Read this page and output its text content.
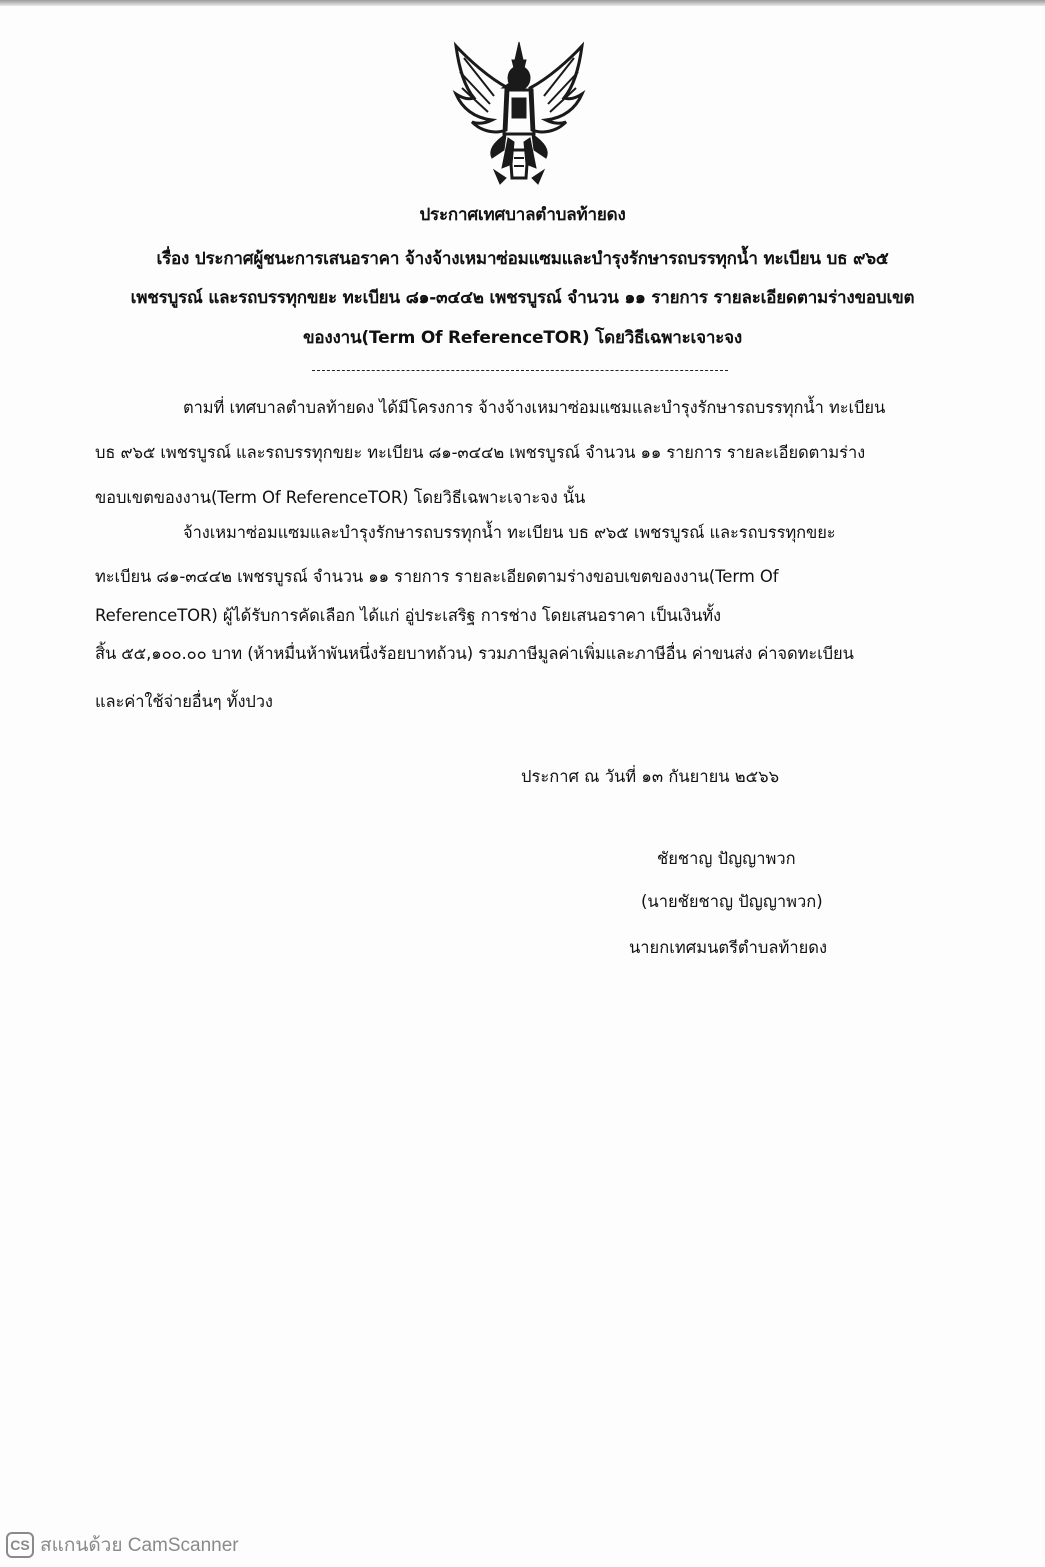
ประกาศเทศบาลตำบลท้ายดง
เรื่อง ประกาศผู้ชนะการเสนอราคา จ้างจ้างเหมาซ่อมแซมและบำรุงรักษารถบรรทุกน้ำ ทะเบียน บธ ๙๖๕
เพชรบูรณ์ และรถบรรทุกขยะ ทะเบียน ๘๑-๓๔๔๒ เพชรบูรณ์ จำนวน ๑๑ รายการ รายละเอียดตามร่างขอบเขต
ของงาน(Term Of ReferenceTOR) โดยวิธีเฉพาะเจาะจง
ตามที่ เทศบาลตำบลท้ายดง ได้มีโครงการ จ้างจ้างเหมาซ่อมแซมและบำรุงรักษารถบรรทุกน้ำ ทะเบียน
บธ ๙๖๕ เพชรบูรณ์ และรถบรรทุกขยะ ทะเบียน ๘๑-๓๔๔๒ เพชรบูรณ์ จำนวน ๑๑ รายการ รายละเอียดตามร่าง
ขอบเขตของงาน(Term Of ReferenceTOR) โดยวิธีเฉพาะเจาะจง นั้น
จ้างเหมาซ่อมแซมและบำรุงรักษารถบรรทุกน้ำ ทะเบียน บธ ๙๖๕ เพชรบูรณ์ และรถบรรทุกขยะ
ทะเบียน ๘๑-๓๔๔๒ เพชรบูรณ์ จำนวน ๑๑ รายการ รายละเอียดตามร่างขอบเขตของงาน(Term Of
ReferenceTOR) ผู้ได้รับการคัดเลือก ได้แก่ อู่ประเสริฐ การช่าง โดยเสนอราคา เป็นเงินทั้ง
สิ้น ๕๕,๑๐๐.๐๐ บาท (ห้าหมื่นห้าพันหนึ่งร้อยบาทถ้วน) รวมภาษีมูลค่าเพิ่มและภาษีอื่น ค่าขนส่ง ค่าจดทะเบียน
และค่าใช้จ่ายอื่นๆ ทั้งปวง
ประกาศ ณ วันที่ ๑๓ กันยายน ๒๕๖๖
ชัยชาญ ปัญญาพวก
(นายชัยชาญ ปัญญาพวก)
นายกเทศมนตรีตำบลท้ายดง
CS สแกนด้วย CamScanner
